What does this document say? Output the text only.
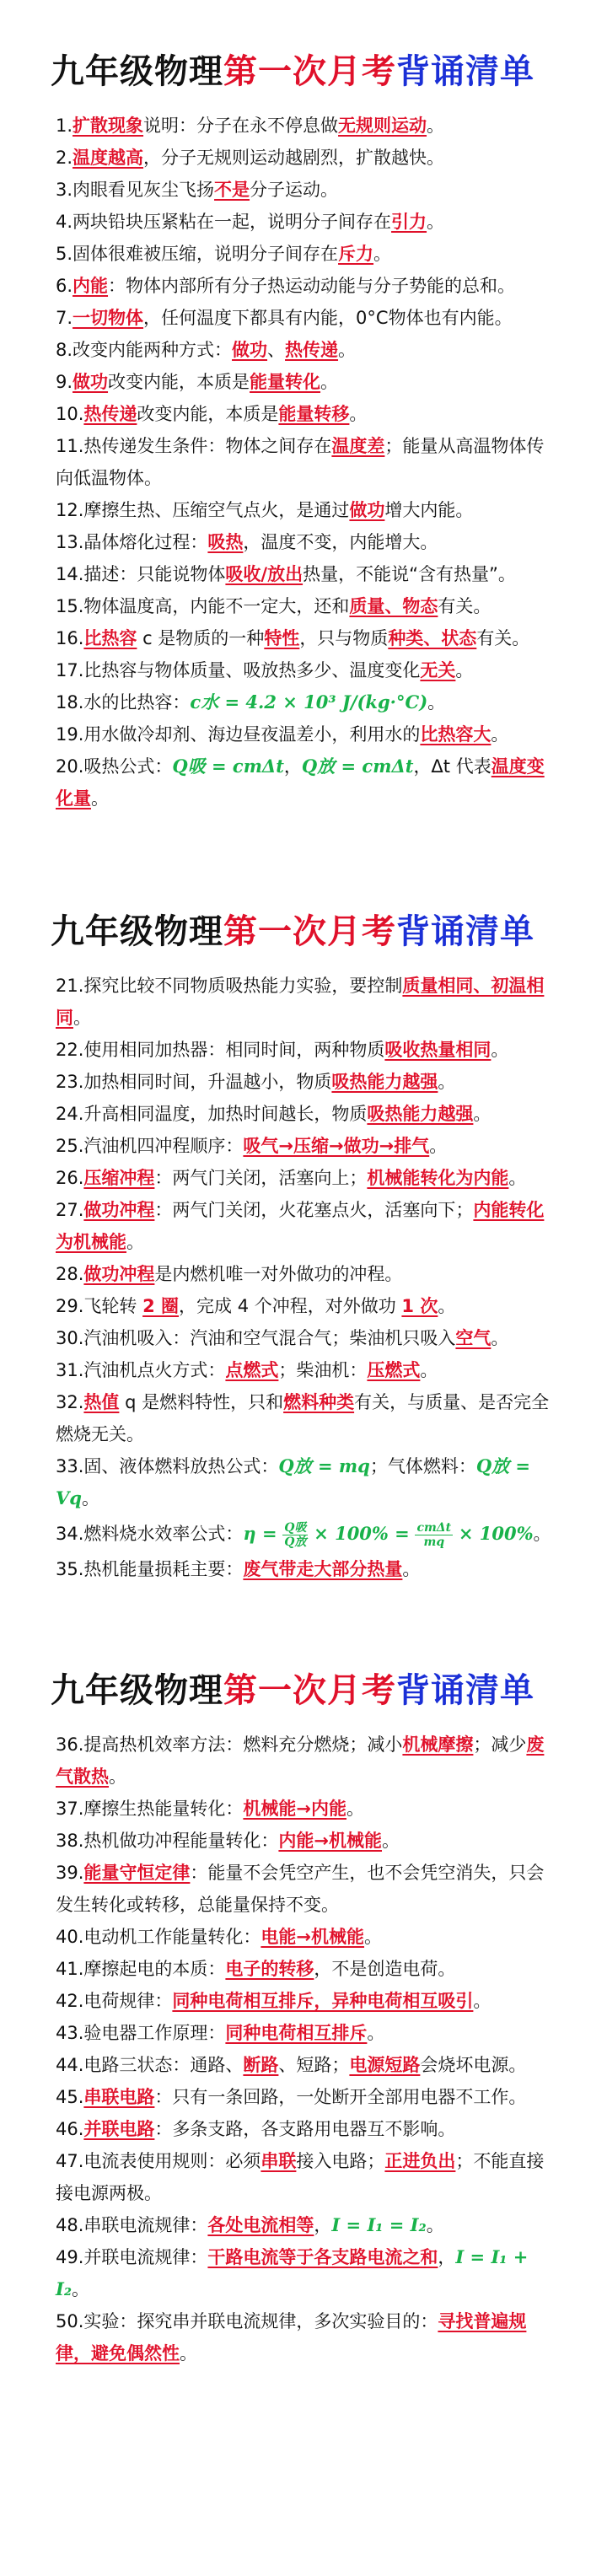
九年级物理第一次月考背诵清单

1.扩散现象说明：分子在永不停息做无规则运动。

2.温度越高，分子无规则运动越剧烈，扩散越快。

3.肉眼看见灰尘飞扬不是分子运动。

4.两块铅块压紧粘在一起，说明分子间存在引力。

5.固体很难被压缩，说明分子间存在斥力。

6.内能：物体内部所有分子热运动动能与分子势能的总和。

7.一切物体，任何温度下都具有内能，0°C物体也有内能。

8.改变内能两种方式：做功、热传递。

9.做功改变内能，本质是能量转化。

10.热传递改变内能，本质是能量转移。

11.热传递发生条件：物体之间存在温度差；能量从高温物体传向低温物体。

12.摩擦生热、压缩空气点火，是通过做功增大内能。

13.晶体熔化过程：吸热，温度不变，内能增大。

14.描述：只能说物体吸收/放出热量，不能说“含有热量”。

15.物体温度高，内能不一定大，还和质量、物态有关。

16.比热容 c 是物质的一种特性，只与物质种类、状态有关。

17.比热容与物体质量、吸放热多少、温度变化无关。

18.水的比热容：c水 = 4.2 × 10³ J/(kg·°C)。

19.用水做冷却剂、海边昼夜温差小，利用水的比热容大。

20.吸热公式：Q吸 = cmΔt，Q放 = cmΔt，Δt 代表温度变化量。

九年级物理第一次月考背诵清单

21.探究比较不同物质吸热能力实验，要控制质量相同、初温相同。

22.使用相同加热器：相同时间，两种物质吸收热量相同。

23.加热相同时间，升温越小，物质吸热能力越强。

24.升高相同温度，加热时间越长，物质吸热能力越强。

25.汽油机四冲程顺序：吸气→压缩→做功→排气。

26.压缩冲程：两气门关闭，活塞向上；机械能转化为内能。

27.做功冲程：两气门关闭，火花塞点火，活塞向下；内能转化为机械能。

28.做功冲程是内燃机唯一对外做功的冲程。

29.飞轮转 2 圈，完成 4 个冲程，对外做功 1 次。

30.汽油机吸入：汽油和空气混合气；柴油机只吸入空气。

31.汽油机点火方式：点燃式；柴油机：压燃式。

32.热值 q 是燃料特性，只和燃料种类有关，与质量、是否完全燃烧无关。

33.固、液体燃料放热公式：Q放 = mq；气体燃料：Q放 = Vq。

34.燃料烧水效率公式：$\eta = \frac{\text{Q吸}}{\text{Q放}} \times 100\% = \frac{\text{cmΔt}}{mq} \times 100\%$。

35.热机能量损耗主要：废气带走大部分热量。

九年级物理第一次月考背诵清单

36.提高热机效率方法：燃料充分燃烧；减小机械摩擦；减少废气散热。

37.摩擦生热能量转化：机械能→内能。

38.热机做功冲程能量转化：内能→机械能。

39.能量守恒定律：能量不会凭空产生，也不会凭空消失，只会发生转化或转移，总能量保持不变。

40.电动机工作能量转化：电能→机械能。

41.摩擦起电的本质：电子的转移，不是创造电荷。

42.电荷规律：同种电荷相互排斥，异种电荷相互吸引。

43.验电器工作原理：同种电荷相互排斥。

44.电路三状态：通路、断路、短路；电源短路会烧坏电源。

45.串联电路：只有一条回路，一处断开全部用电器不工作。

46.并联电路：多条支路，各支路用电器互不影响。

47.电流表使用规则：必须串联接入电路；正进负出；不能直接接电源两极。

48.串联电流规律：各处电流相等，I = I₁ = I₂。

49.并联电流规律：干路电流等于各支路电流之和，I = I₁ + I₂。

50.实验：探究串并联电流规律，多次实验目的：寻找普遍规律，避免偶然性。
